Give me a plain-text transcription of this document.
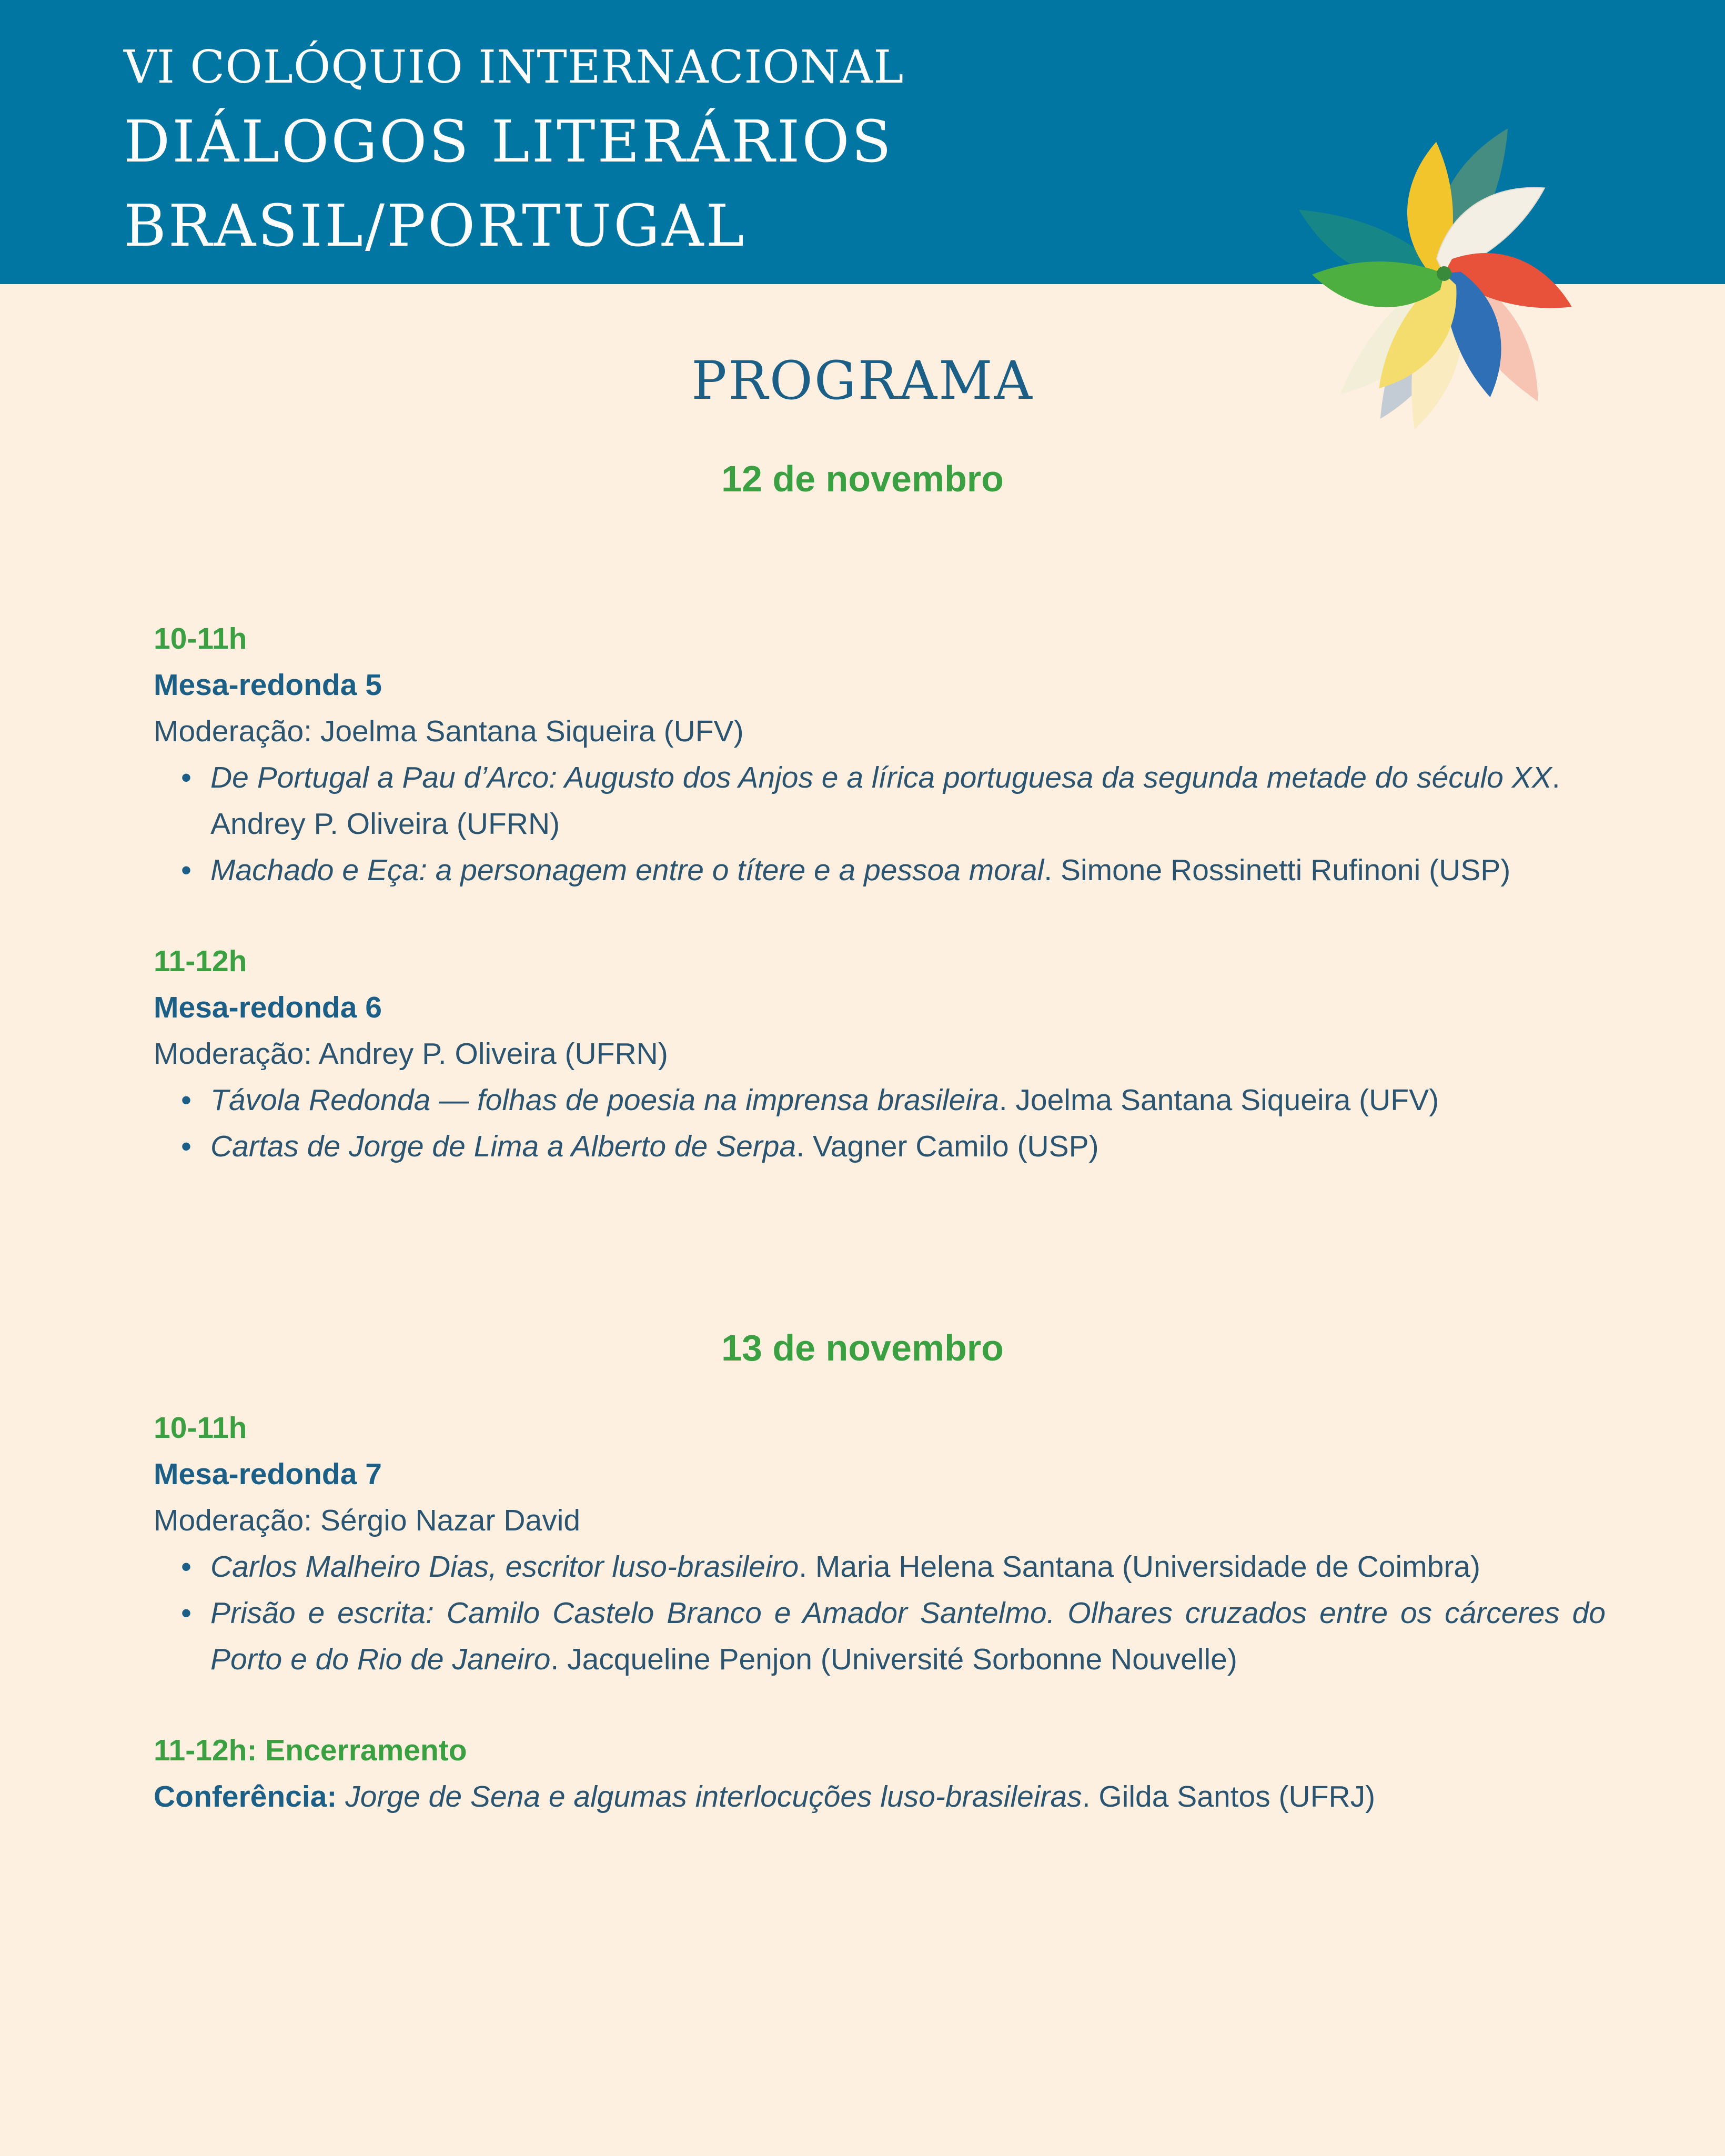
VI COLÓQUIO INTERNACIONAL
DIÁLOGOS LITERÁRIOS
BRASIL/PORTUGAL
PROGRAMA
12 de novembro
10-11h
Mesa-redonda 5
Moderação: Joelma Santana Siqueira (UFV)
• De Portugal a Pau d’Arco: Augusto dos Anjos e a lírica portuguesa da segunda metade do século XX. Andrey P. Oliveira (UFRN)
• Machado e Eça: a personagem entre o títere e a pessoa moral. Simone Rossinetti Rufinoni (USP)
11-12h
Mesa-redonda 6
Moderação: Andrey P. Oliveira (UFRN)
• Távola Redonda — folhas de poesia na imprensa brasileira. Joelma Santana Siqueira (UFV)
• Cartas de Jorge de Lima a Alberto de Serpa. Vagner Camilo (USP)
13 de novembro
10-11h
Mesa-redonda 7
Moderação: Sérgio Nazar David
• Carlos Malheiro Dias, escritor luso-brasileiro. Maria Helena Santana (Universidade de Coimbra)
• Prisão e escrita: Camilo Castelo Branco e Amador Santelmo. Olhares cruzados entre os cárceres do Porto e do Rio de Janeiro. Jacqueline Penjon (Université Sorbonne Nouvelle)
11-12h: Encerramento
Conferência: Jorge de Sena e algumas interlocuções luso-brasileiras. Gilda Santos (UFRJ)
